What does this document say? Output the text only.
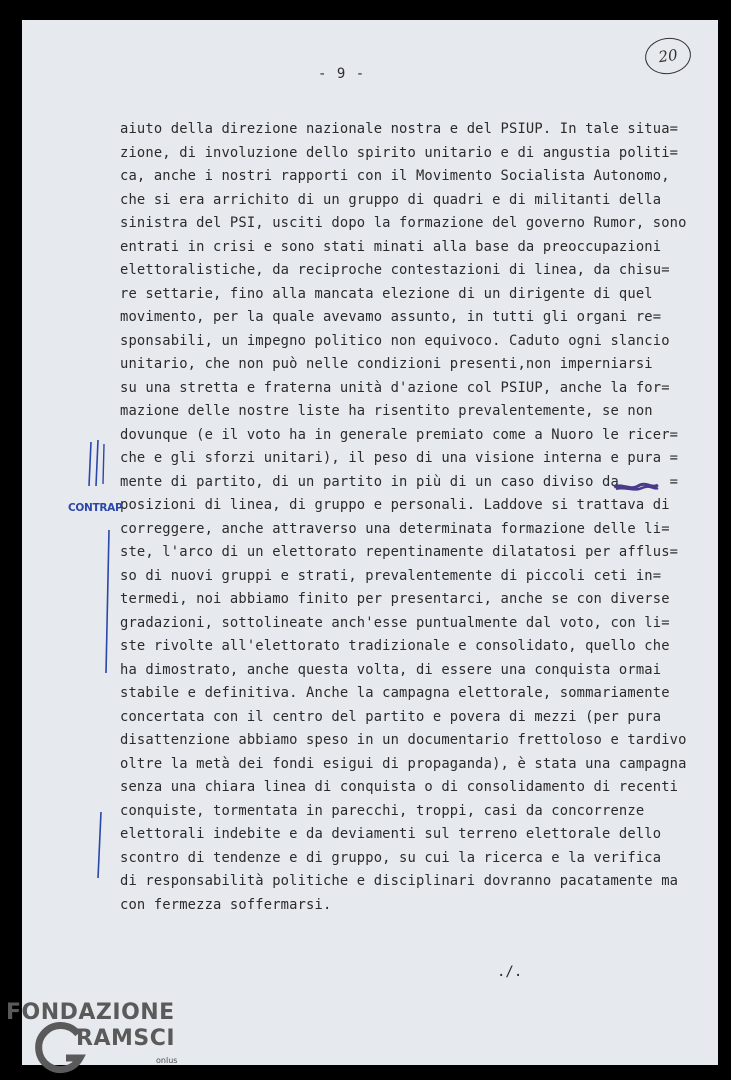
- 9 -
20
aiuto della direzione nazionale nostra e del PSIUP. In tale situa=
zione, di involuzione dello spirito unitario e di angustia politi=
ca, anche i nostri rapporti con il Movimento Socialista Autonomo,
che si era arrichito di un gruppo di quadri e di militanti della
sinistra del PSI, usciti dopo la formazione del governo Rumor, sono
entrati in crisi e sono stati minati alla base da preoccupazioni
elettoralistiche, da reciproche contestazioni di linea, da chisu=
re settarie, fino alla mancata elezione di un dirigente di quel
movimento, per la quale avevamo assunto, in tutti gli organi re=
sponsabili, un impegno politico non equivoco. Caduto ogni slancio
unitario, che non può nelle condizioni presenti,non imperniarsi
su una stretta e fraterna unità d'azione col PSIUP, anche la for=
mazione delle nostre liste ha risentito prevalentemente, se non
dovunque (e il voto ha in generale premiato come a Nuoro le ricer=
che e gli sforzi unitari), il peso di una visione interna e pura =
mente di partito, di un partito in più di un caso diviso da      =
posizioni di linea, di gruppo e personali. Laddove si trattava di
correggere, anche attraverso una determinata formazione delle li=
ste, l'arco di un elettorato repentinamente dilatatosi per afflus=
so di nuovi gruppi e strati, prevalentemente di piccoli ceti in=
termedi, noi abbiamo finito per presentarci, anche se con diverse
gradazioni, sottolineate anch'esse puntualmente dal voto, con li=
ste rivolte all'elettorato tradizionale e consolidato, quello che
ha dimostrato, anche questa volta, di essere una conquista ormai
stabile e definitiva. Anche la campagna elettorale, sommariamente
concertata con il centro del partito e povera di mezzi (per pura
disattenzione abbiamo speso in un documentario frettoloso e tardivo
oltre la metà dei fondi esigui di propaganda), è stata una campagna
senza una chiara linea di conquista o di consolidamento di recenti
conquiste, tormentata in parecchi, troppi, casi da concorrenze
elettorali indebite e da deviamenti sul terreno elettorale dello
scontro di tendenze e di gruppo, su cui la ricerca e la verifica
di responsabilità politiche e disciplinari dovranno pacatamente ma
con fermezza soffermarsi.
CONTRAP
FONDAZIONE
RAMSCI
onlus
./.
